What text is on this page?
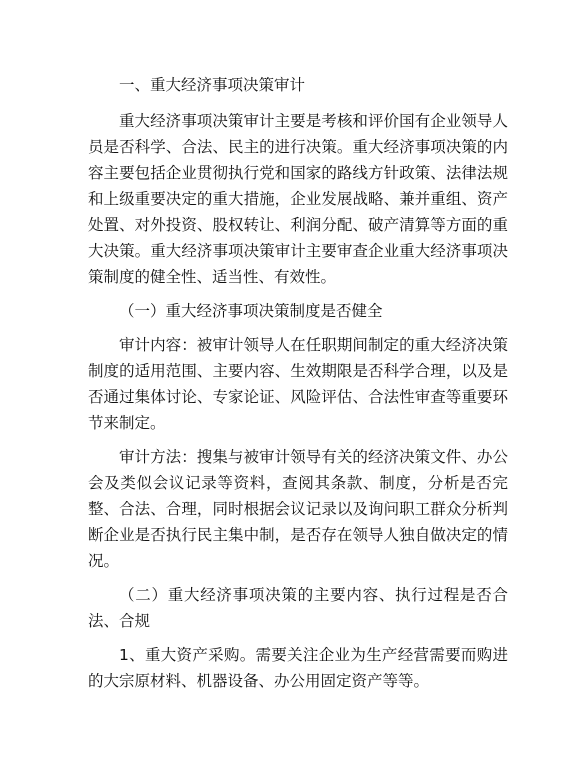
一、重大经济事项决策审计

重大经济事项决策审计主要是考核和评价国有企业领导人员是否科学、合法、民主的进行决策。重大经济事项决策的内容主要包括企业贯彻执行党和国家的路线方针政策、法律法规和上级重要决定的重大措施，企业发展战略、兼并重组、资产处置、对外投资、股权转让、利润分配、破产清算等方面的重大决策。重大经济事项决策审计主要审查企业重大经济事项决策制度的健全性、适当性、有效性。

（一）重大经济事项决策制度是否健全

审计内容：被审计领导人在任职期间制定的重大经济决策制度的适用范围、主要内容、生效期限是否科学合理，以及是否通过集体讨论、专家论证、风险评估、合法性审查等重要环节来制定。

审计方法：搜集与被审计领导有关的经济决策文件、办公会及类似会议记录等资料，查阅其条款、制度，分析是否完整、合法、合理，同时根据会议记录以及询问职工群众分析判断企业是否执行民主集中制，是否存在领导人独自做决定的情况。

（二）重大经济事项决策的主要内容、执行过程是否合法、合规

1、重大资产采购。需要关注企业为生产经营需要而购进的大宗原材料、机器设备、办公用固定资产等等。
